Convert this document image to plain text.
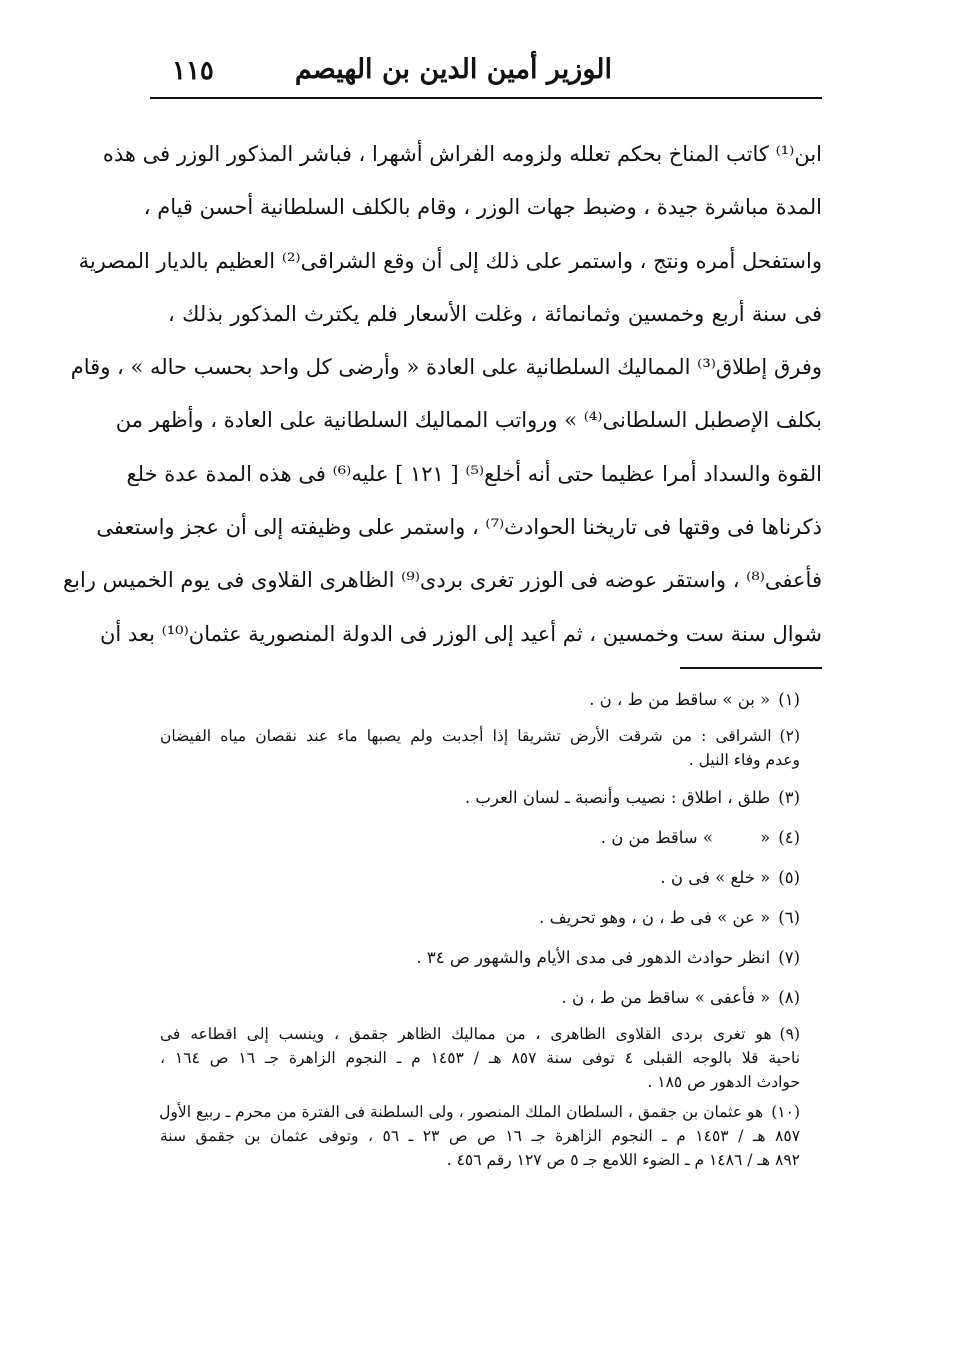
الوزير أمين الدين بن الهيصم
١١٥
ابن⁽¹⁾ كاتب المناخ بحكم تعلله ولزومه الفراش أشهرا ، فباشر المذكور الوزر فى هذه
المدة مباشرة جيدة ، وضبط جهات الوزر ، وقام بالكلف السلطانية أحسن قيام ،
واستفحل أمره ونتج ، واستمر على ذلك إلى أن وقع الشراقى⁽²⁾ العظيم بالديار المصرية
فى سنة أربع وخمسين وثمانمائة ، وغلت الأسعار فلم يكترث المذكور بذلك ،
وفرق إطلاق⁽³⁾ المماليك السلطانية على العادة « وأرضى كل واحد بحسب حاله » ، وقام
بكلف الإصطبل السلطانى⁽⁴⁾ » ورواتب المماليك السلطانية على العادة ، وأظهر من
القوة والسداد أمرا عظيما حتى أنه أخلع⁽⁵⁾ [ ١٢١ ] عليه⁽⁶⁾ فى هذه المدة عدة خلع
ذكرناها فى وقتها فى تاريخنا الحوادث⁽⁷⁾ ، واستمر على وظيفته إلى أن عجز واستعفى
فأعفى⁽⁸⁾ ، واستقر عوضه فى الوزر تغرى بردى⁽⁹⁾ الظاهرى القلاوى فى يوم الخميس رابع
شوال سنة ست وخمسين ، ثم أعيد إلى الوزر فى الدولة المنصورية عثمان⁽¹⁰⁾ بعد أن
(١)« بن » ساقط من ط ، ن .
(٢)الشراقى : من شرقت الأرض تشريقا إذا أجدبت ولم يصبها ماء عند نقصان مياه الفيضان
وعدم وفاء النيل .
(٣)طلق ، اطلاق : نصيب وأنصبة ـ لسان العرب .
(٤)«         » ساقط من ن .
(٥)« خلع » فى ن .
(٦)« عن » فى ط ، ن ، وهو تحريف .
(٧)انظر حوادث الدهور فى مدى الأيام والشهور ص ٣٤ .
(٨)« فأعفى » ساقط من ط ، ن .
(٩)هو تغرى بردى القلاوى الظاهرى ، من مماليك الظاهر جقمق ، وينسب إلى اقطاعه فى
ناحية قلا بالوجه القبلى ٤ توفى سنة ٨٥٧ هـ / ١٤٥٣ م ـ النجوم الزاهرة جـ ١٦ ص ١٦٤ ،
حوادث الدهور ص ١٨٥ .
(١٠)هو عثمان بن جقمق ، السلطان الملك المنصور ، ولى السلطنة فى الفترة من محرم ـ ربيع الأول
٨٥٧ هـ / ١٤٥٣ م ـ النجوم الزاهرة جـ ١٦ ص ص ٢٣ ـ ٥٦ ، وتوفى عثمان بن جقمق سنة
٨٩٢ هـ / ١٤٨٦ م ـ الضوء اللامع جـ ٥ ص ١٢٧ رقم ٤٥٦ .
